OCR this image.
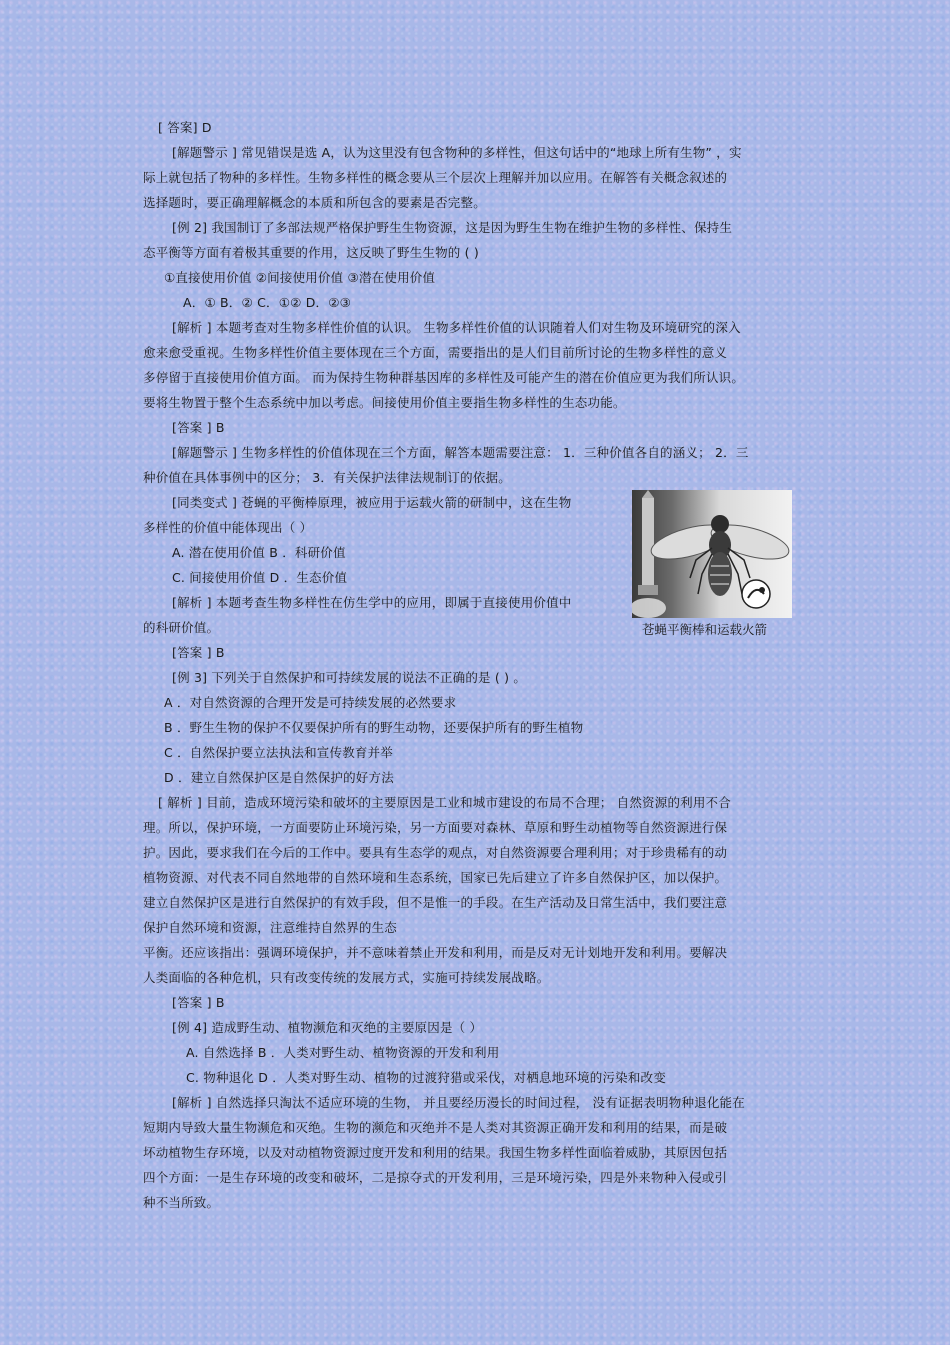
[ 答案] D
[解题警示 ] 常见错误是选 A，认为这里没有包含物种的多样性，但这句话中的“地球上所有生物” ，实
际上就包括了物种的多样性。生物多样性的概念要从三个层次上理解并加以应用。在解答有关概念叙述的
选择题时，要正确理解概念的本质和所包含的要素是否完整。
[例 2] 我国制订了多部法规严格保护野生生物资源，这是因为野生生物在维护生物的多样性、保持生
态平衡等方面有着极其重要的作用，这反映了野生生物的 ( )
①直接使用价值 ②间接使用价值 ③潜在使用价值
A．① B．② C．①② D．②③
[解析 ] 本题考查对生物多样性价值的认识。 生物多样性价值的认识随着人们对生物及环境研究的深入
愈来愈受重视。生物多样性价值主要体现在三个方面，需要指出的是人们目前所讨论的生物多样性的意义
多停留于直接使用价值方面。 而为保持生物种群基因库的多样性及可能产生的潜在价值应更为我们所认识。
要将生物置于整个生态系统中加以考虑。间接使用价值主要指生物多样性的生态功能。
[答案 ] B
[解题警示 ] 生物多样性的价值体现在三个方面，解答本题需要注意： 1．三种价值各自的涵义； 2．三
种价值在具体事例中的区分； 3．有关保护法律法规制订的依据。
[同类变式 ] 苍蝇的平衡棒原理，被应用于运载火箭的研制中，这在生物
多样性的价值中能体现出（ ）
A. 潜在使用价值 B ．科研价值
C. 间接使用价值 D ．生态价值
[解析 ] 本题考查生物多样性在仿生学中的应用，即属于直接使用价值中
的科研价值。
[答案 ] B
[例 3] 下列关于自然保护和可持续发展的说法不正确的是 ( ) 。
A ．对自然资源的合理开发是可持续发展的必然要求
B ．野生生物的保护不仅要保护所有的野生动物，还要保护所有的野生植物
C ．自然保护要立法执法和宣传教育并举
D ．建立自然保护区是自然保护的好方法
[ 解析 ] 目前，造成环境污染和破坏的主要原因是工业和城市建设的布局不合理； 自然资源的利用不合
理。所以，保护环境，一方面要防止环境污染，另一方面要对森林、草原和野生动植物等自然资源进行保
护。因此，要求我们在今后的工作中。要具有生态学的观点，对自然资源要合理利用；对于珍贵稀有的动
植物资源、对代表不同自然地带的自然环境和生态系统，国家已先后建立了许多自然保护区，加以保护。
建立自然保护区是进行自然保护的有效手段，但不是惟一的手段。在生产活动及日常生活中，我们要注意
保护自然环境和资源，注意维持自然界的生态
平衡。还应该指出：强调环境保护，并不意味着禁止开发和利用，而是反对无计划地开发和利用。要解决
人类面临的各种危机，只有改变传统的发展方式，实施可持续发展战略。
[答案 ] B
[例 4] 造成野生动、植物濒危和灭绝的主要原因是（ ）
A. 自然选择 B ．人类对野生动、植物资源的开发和利用
C. 物种退化 D ．人类对野生动、植物的过渡狩猎或采伐，对栖息地环境的污染和改变
[解析 ] 自然选择只淘汰不适应环境的生物， 并且要经历漫长的时间过程， 没有证据表明物种退化能在
短期内导致大量生物濒危和灭绝。生物的濒危和灭绝并不是人类对其资源正确开发和利用的结果，而是破
坏动植物生存环境，以及对动植物资源过度开发和利用的结果。我国生物多样性面临着威胁，其原因包括
四个方面：一是生存环境的改变和破坏，二是掠夺式的开发利用，三是环境污染，四是外来物种入侵或引
种不当所致。
苍蝇平衡棒和运载火箭
